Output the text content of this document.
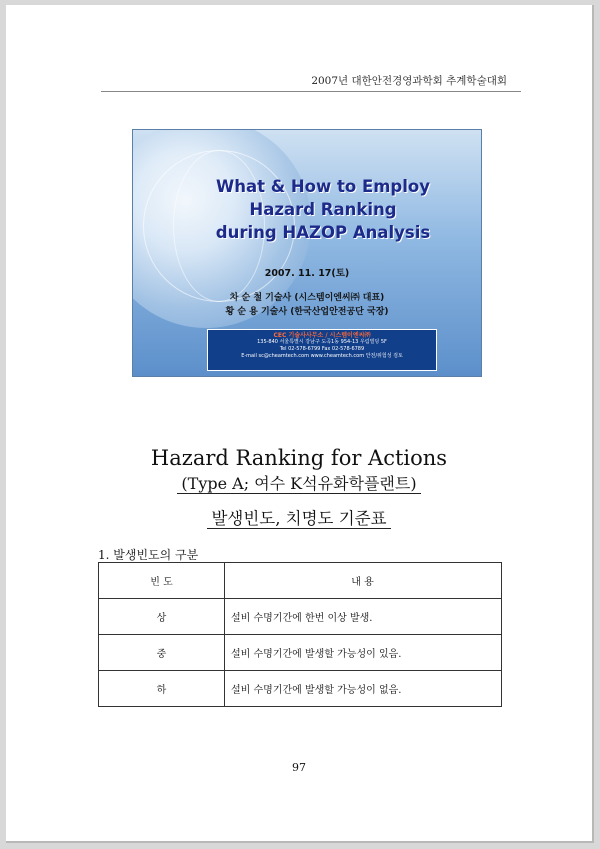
2007년 대한안전경영과학회 추계학술대회
What & How to Employ
Hazard Ranking
during HAZOP Analysis
2007. 11. 17(토)
차 순 철 기술사 (시스템이엔씨㈜ 대표)
황 순 용 기술사 (한국산업안전공단 국장)
CEC 기술사사무소 / 시스템이엔씨㈜
135-840 서울특별시 강남구 도곡1동 954-13 우림빌딩 5F
Tel 02-578-6799 Fax 02-578-6789
E-mail sc@cheamtech.com www.cheamtech.com 안전/위험성 검토
Hazard Ranking for Actions
(Type A; 여수 K석유화학플랜트)
발생빈도, 치명도 기준표
1. 발생빈도의 구분
빈 도	내 용
상	설비 수명기간에 한번 이상 발생.
중	설비 수명기간에 발생할 가능성이 있음.
하	설비 수명기간에 발생할 가능성이 없음.
97
